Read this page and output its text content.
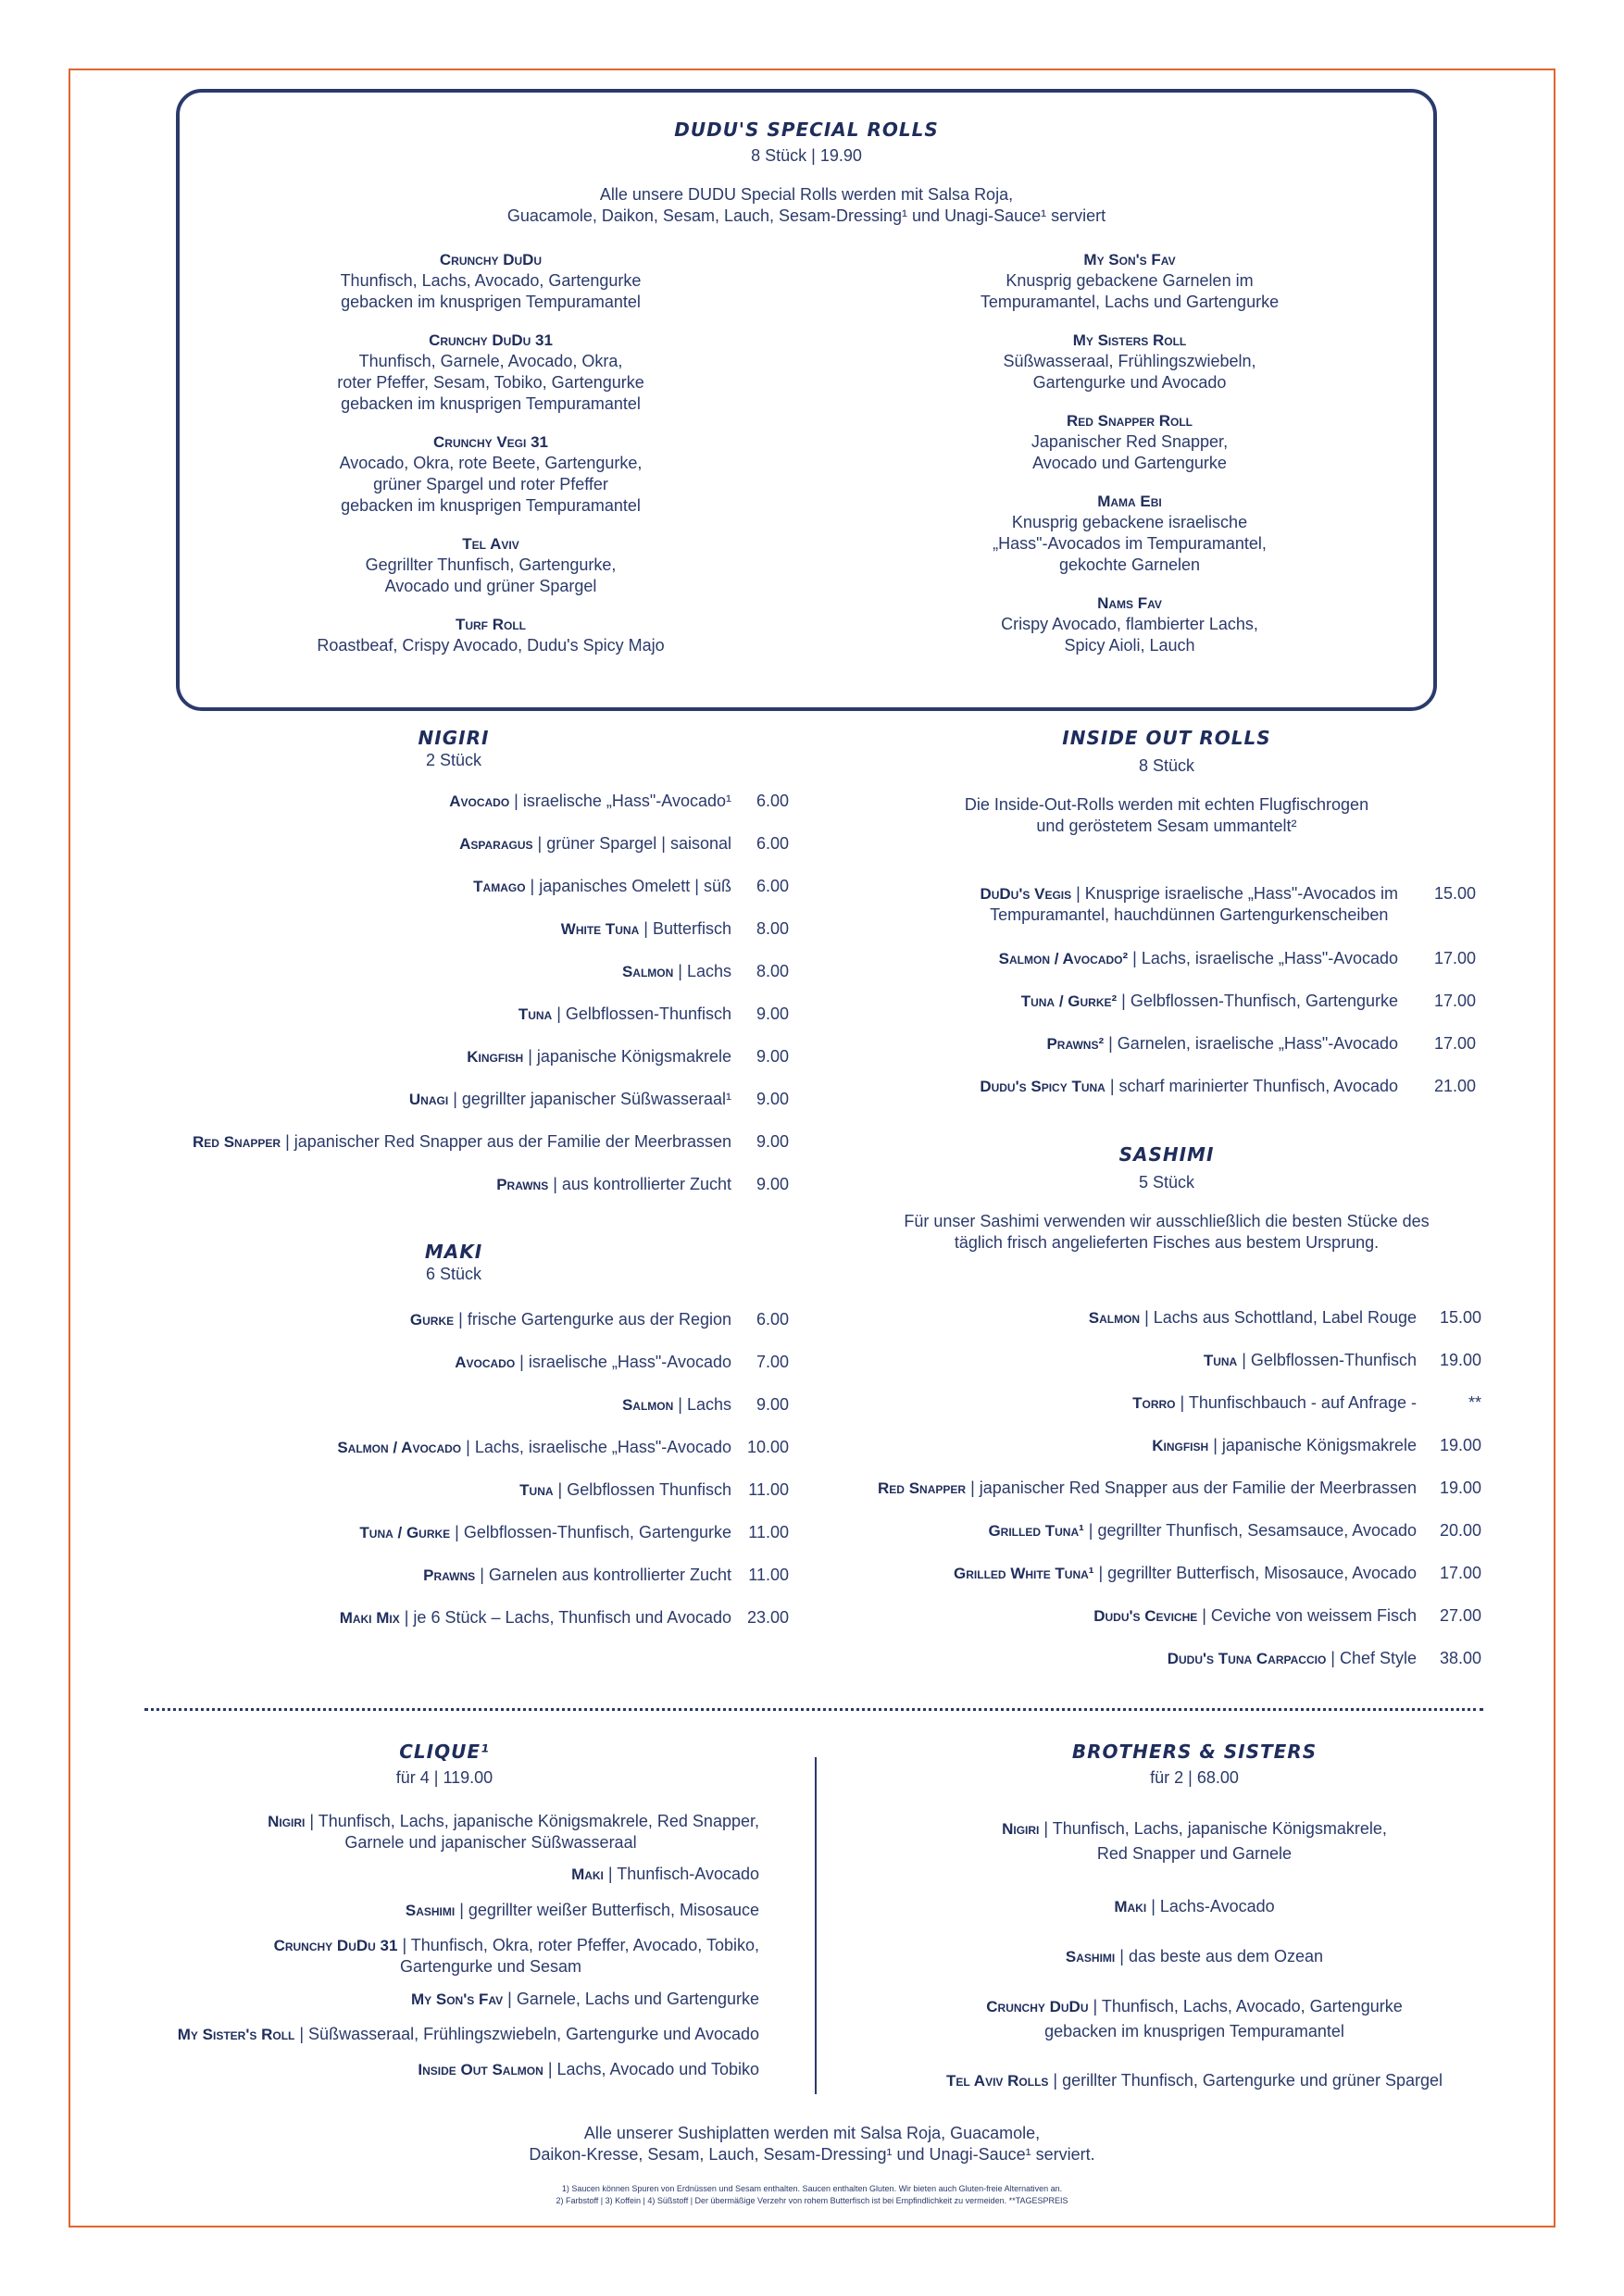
DUDU'S SPECIAL ROLLS
8 Stück | 19.90
Alle unsere DUDU Special Rolls werden mit Salsa Roja,
Guacamole, Daikon, Sesam, Lauch, Sesam-Dressing¹ und Unagi-Sauce¹ serviert
Crunchy DuDu
Thunfisch, Lachs, Avocado, Gartengurke
gebacken im knusprigen Tempuramantel
Crunchy DuDu 31
Thunfisch, Garnele, Avocado, Okra,
roter Pfeffer, Sesam, Tobiko, Gartengurke
gebacken im knusprigen Tempuramantel
Crunchy Vegi 31
Avocado, Okra, rote Beete, Gartengurke,
grüner Spargel und roter Pfeffer
gebacken im knusprigen Tempuramantel
Tel Aviv
Gegrillter Thunfisch, Gartengurke,
Avocado und grüner Spargel
Turf Roll
Roastbeaf, Crispy Avocado, Dudu's Spicy Majo
My Son's Fav
Knusprig gebackene Garnelen im
Tempuramantel, Lachs und Gartengurke
My Sisters Roll
Süßwasseraal, Frühlingszwiebeln,
Gartengurke und Avocado
Red Snapper Roll
Japanischer Red Snapper,
Avocado und Gartengurke
Mama Ebi
Knusprig gebackene israelische
„Hass"-Avocados im Tempuramantel,
gekochte Garnelen
Nams Fav
Crispy Avocado, flambierter Lachs,
Spicy Aioli, Lauch
NIGIRI
2 Stück
Avocado | israelische „Hass"-Avocado¹	6.00
Asparagus | grüner Spargel | saisonal	6.00
Tamago | japanisches Omelett | süß	6.00
White Tuna | Butterfisch	8.00
Salmon | Lachs	8.00
Tuna | Gelbflossen-Thunfisch	9.00
Kingfish | japanische Königsmakrele	9.00
Unagi | gegrillter japanischer Süßwasseraal¹	9.00
Red Snapper | japanischer Red Snapper aus der Familie der Meerbrassen	9.00
Prawns | aus kontrollierter Zucht	9.00
MAKI
6 Stück
Gurke | frische Gartengurke aus der Region	6.00
Avocado | israelische „Hass"-Avocado	7.00
Salmon | Lachs	9.00
Salmon / Avocado | Lachs, israelische „Hass"-Avocado 10.00
Tuna | Gelbflossen Thunfisch	11.00
Tuna / Gurke | Gelbflossen-Thunfisch, Gartengurke	11.00
Prawns | Garnelen aus kontrollierter Zucht	11.00
Maki Mix | je 6 Stück – Lachs, Thunfisch und Avocado 23.00
INSIDE OUT ROLLS
8 Stück
Die Inside-Out-Rolls werden mit echten Flugfischrogen
und geröstetem Sesam ummantelt²
DuDu's Vegis | Knusprige israelische „Hass"-Avocados im
Tempuramantel, hauchdünnen Gartengurkenscheiben
15.00
Salmon / Avocado² | Lachs, israelische „Hass"-Avocado	17.00
Tuna / Gurke² | Gelbflossen-Thunfisch, Gartengurke	17.00
Prawns² | Garnelen, israelische „Hass"-Avocado	17.00
Dudu's Spicy Tuna | scharf marinierter Thunfisch, Avocado	21.00
SASHIMI
5 Stück
Für unser Sashimi verwenden wir ausschließlich die besten Stücke des
täglich frisch angelieferten Fisches aus bestem Ursprung.
Salmon | Lachs aus Schottland, Label Rouge	15.00
Tuna | Gelbflossen-Thunfisch	19.00
Torro | Thunfischbauch - auf Anfrage -	**
Kingfish | japanische Königsmakrele	19.00
Red Snapper | japanischer Red Snapper aus der Familie der Meerbrassen	19.00
Grilled Tuna¹ | gegrillter Thunfisch, Sesamsauce, Avocado	20.00
Grilled White Tuna¹ | gegrillter Butterfisch, Misosauce, Avocado	17.00
Dudu's Ceviche | Ceviche von weissem Fisch	27.00
Dudu's Tuna Carpaccio | Chef Style	38.00
CLIQUE¹
für 4 | 119.00
Nigiri | Thunfisch, Lachs, japanische Königsmakrele, Red Snapper,
Garnele und japanischer Süßwasseraal
Maki | Thunfisch-Avocado
Sashimi | gegrillter weißer Butterfisch, Misosauce
Crunchy DuDu 31 | Thunfisch, Okra, roter Pfeffer, Avocado, Tobiko,
Gartengurke und Sesam
My Son's Fav | Garnele, Lachs und Gartengurke
My Sister's Roll | Süßwasseraal, Frühlingszwiebeln, Gartengurke und Avocado
Inside Out Salmon | Lachs, Avocado und Tobiko
BROTHERS & SISTERS
für 2 | 68.00
Nigiri | Thunfisch, Lachs, japanische Königsmakrele,
Red Snapper und Garnele
Maki | Lachs-Avocado
Sashimi | das beste aus dem Ozean
Crunchy DuDu | Thunfisch, Lachs, Avocado, Gartengurke
gebacken im knusprigen Tempuramantel
Tel Aviv Rolls | gerillter Thunfisch, Gartengurke und grüner Spargel
Alle unserer Sushiplatten werden mit Salsa Roja, Guacamole,
Daikon-Kresse, Sesam, Lauch, Sesam-Dressing¹ und Unagi-Sauce¹ serviert.
1) Saucen können Spuren von Erdnüssen und Sesam enthalten. Saucen enthalten Gluten. Wir bieten auch Gluten-freie Alternativen an.
2) Farbstoff | 3) Koffein | 4) Süßstoff | Der übermäßige Verzehr von rohem Butterfisch ist bei Empfindlichkeit zu vermeiden. **TAGESPREIS
